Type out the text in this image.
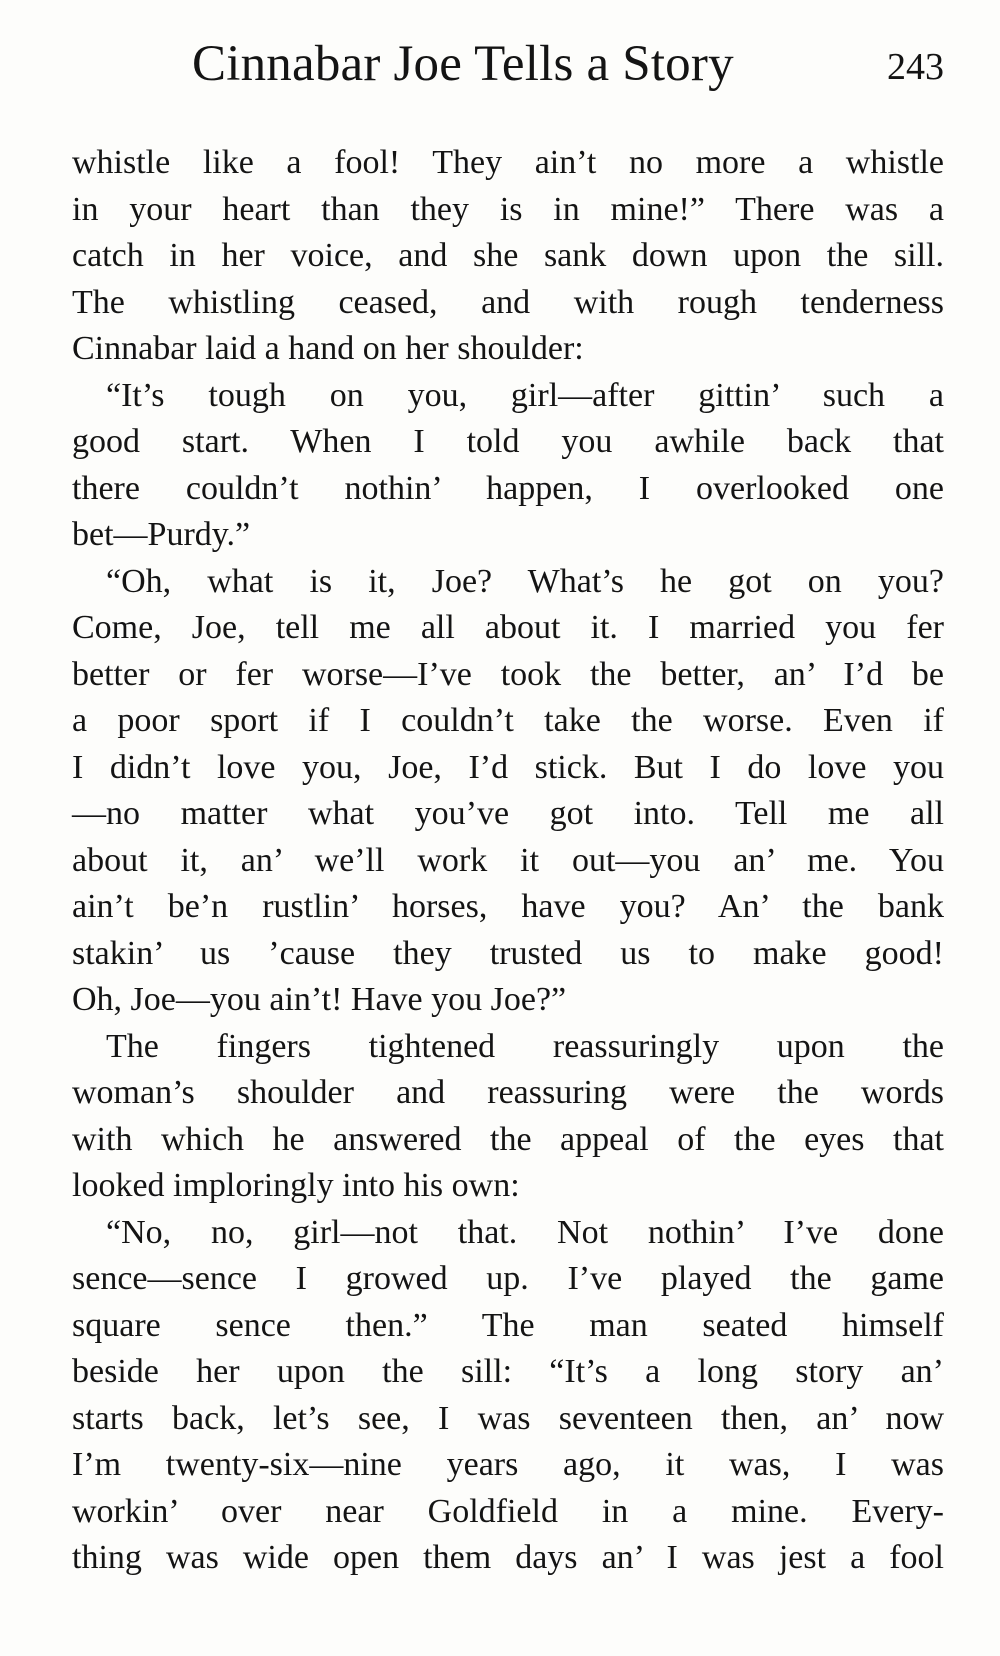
Cinnabar Joe Tells a Story	243
whistle like a fool! They ain’t no more a whistle
in your heart than they is in mine!” There was a
catch in her voice, and she sank down upon the sill.
The whistling ceased, and with rough tenderness
Cinnabar laid a hand on her shoulder:
“It’s tough on you, girl—after gittin’ such a
good start. When I told you awhile back that
there couldn’t nothin’ happen, I overlooked one
bet—Purdy.”
“Oh, what is it, Joe? What’s he got on you?
Come, Joe, tell me all about it. I married you fer
better or fer worse—I’ve took the better, an’ I’d be
a poor sport if I couldn’t take the worse. Even if
I didn’t love you, Joe, I’d stick. But I do love you
—no matter what you’ve got into. Tell me all
about it, an’ we’ll work it out—you an’ me. You
ain’t be’n rustlin’ horses, have you? An’ the bank
stakin’ us ’cause they trusted us to make good!
Oh, Joe—you ain’t! Have you Joe?”
The fingers tightened reassuringly upon the
woman’s shoulder and reassuring were the words
with which he answered the appeal of the eyes that
looked imploringly into his own:
“No, no, girl—not that. Not nothin’ I’ve done
sence—sence I growed up. I’ve played the game
square sence then.” The man seated himself
beside her upon the sill: “It’s a long story an’
starts back, let’s see, I was seventeen then, an’ now
I’m twenty-six—nine years ago, it was, I was
workin’ over near Goldfield in a mine. Every-
thing was wide open them days an’ I was jest a fool
